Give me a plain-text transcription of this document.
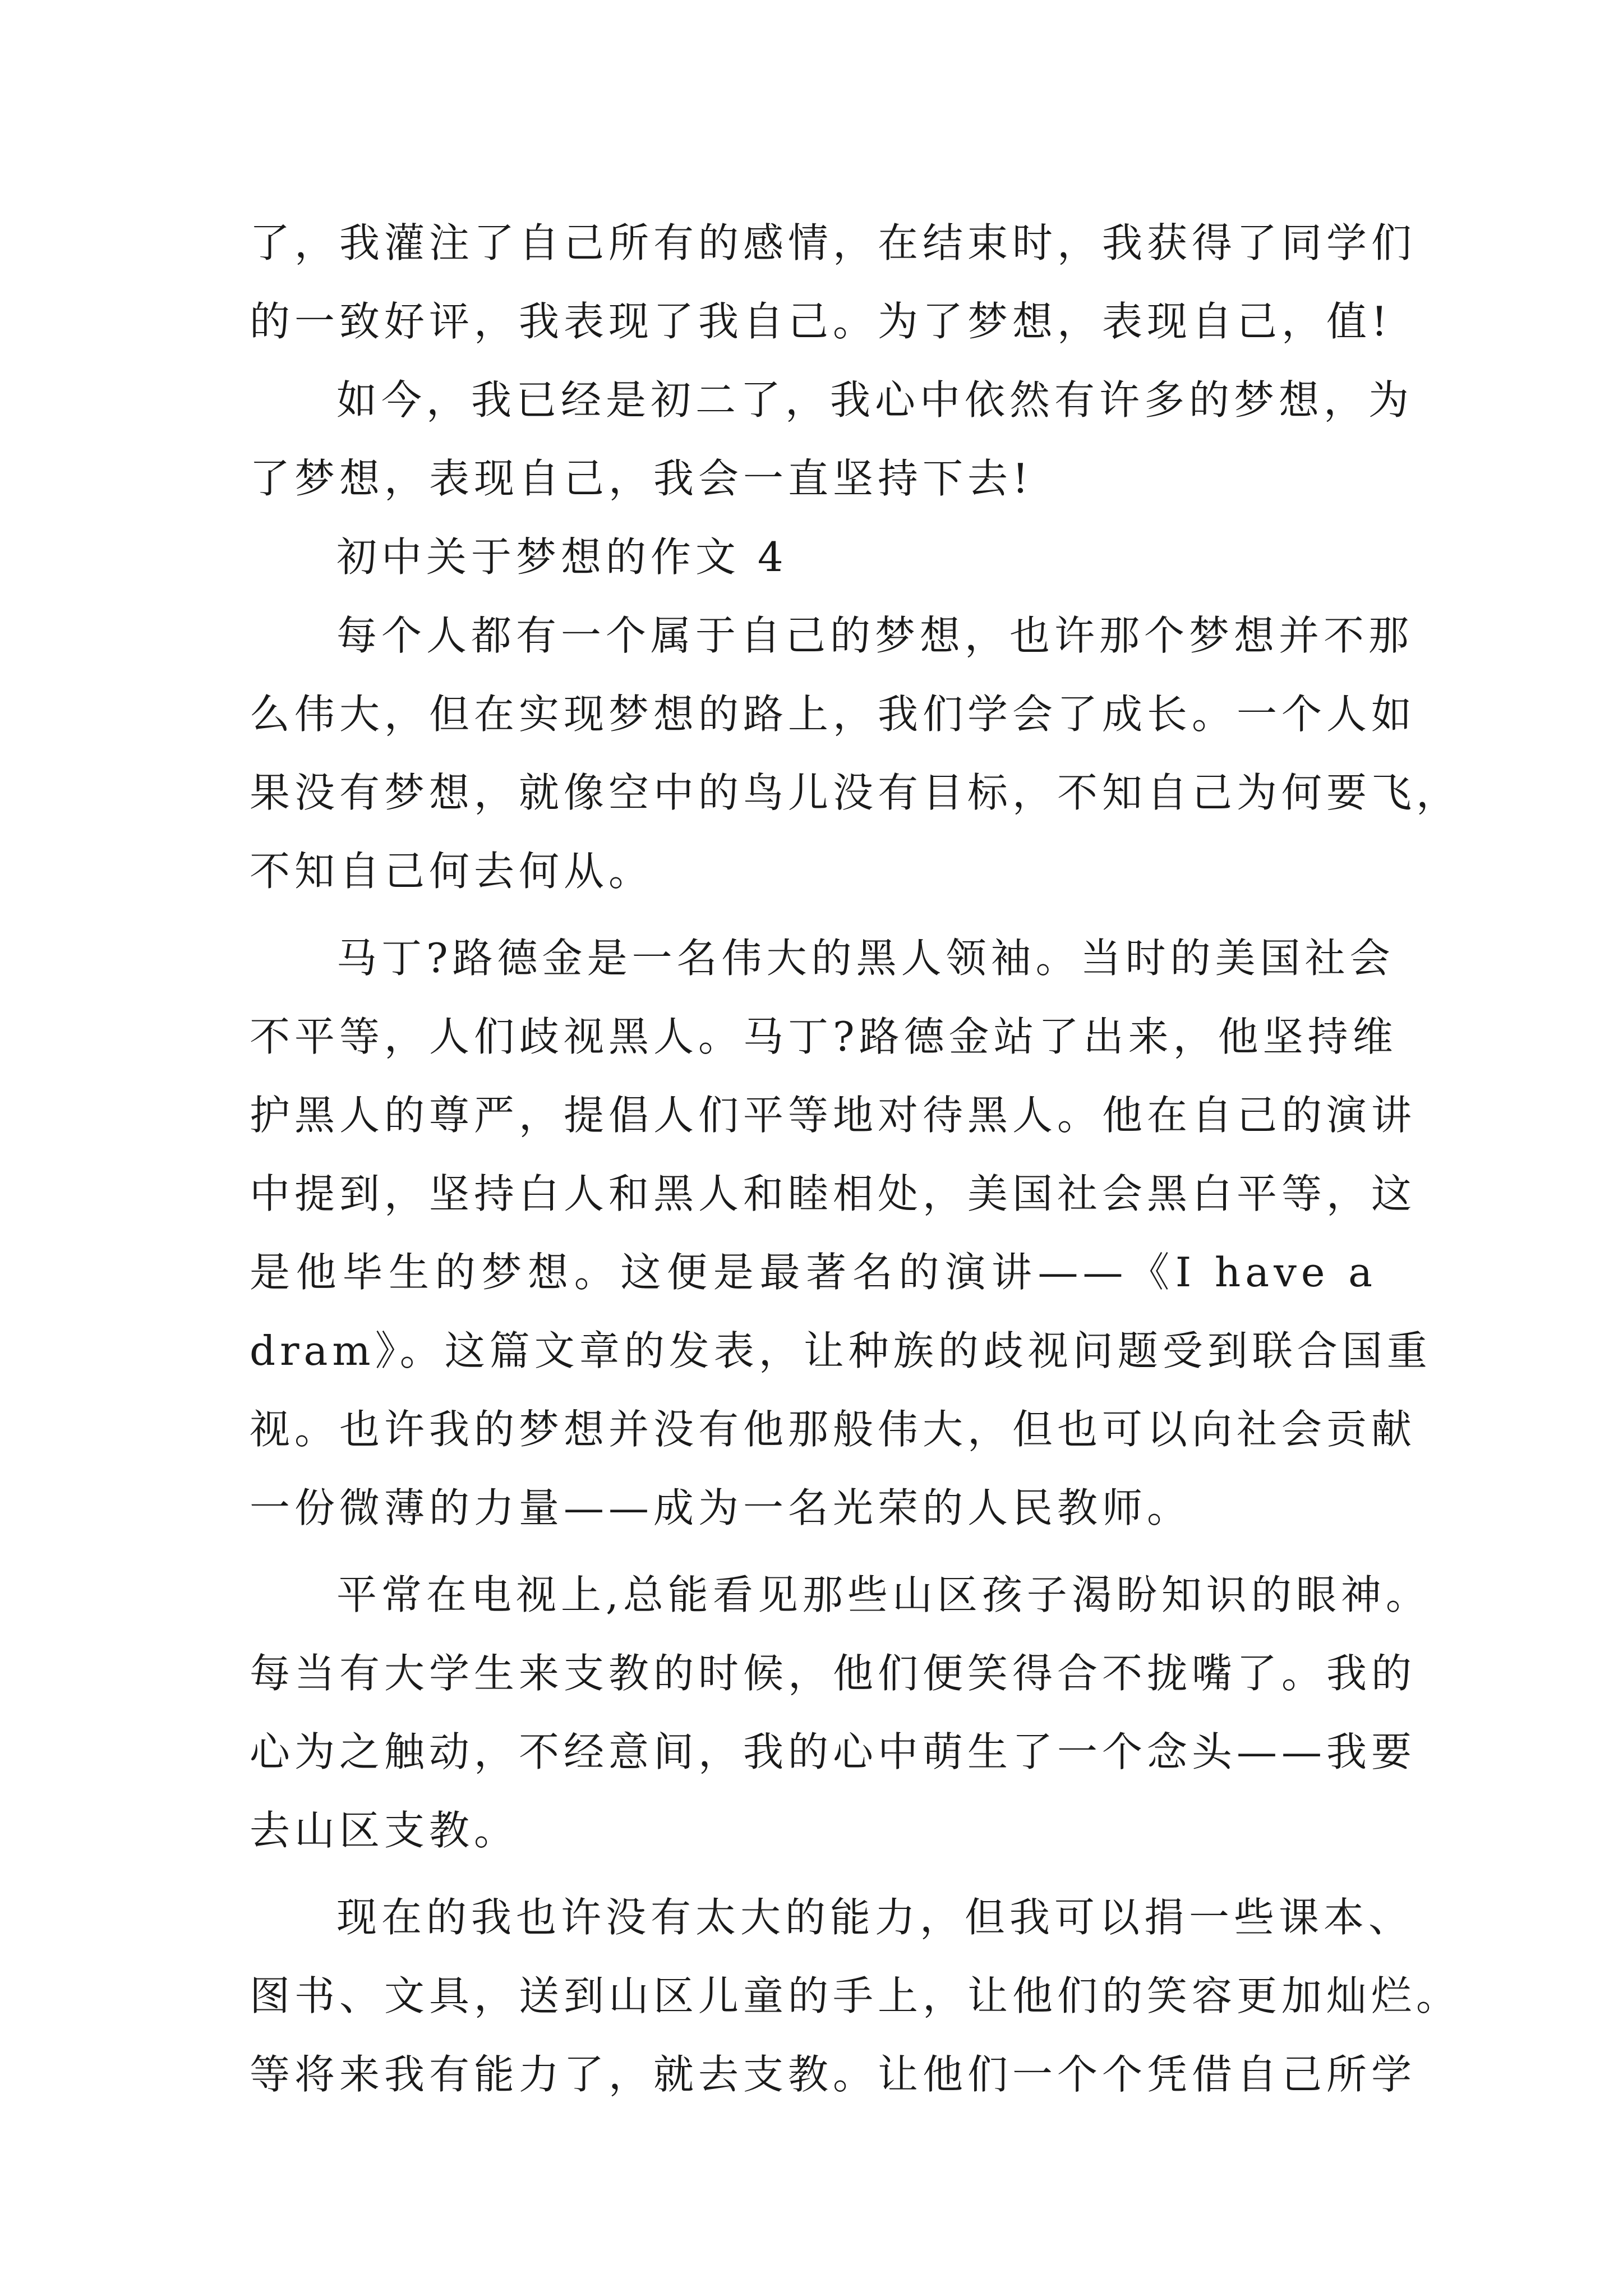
了，我灌注了自己所有的感情，在结束时，我获得了同学们
的一致好评，我表现了我自己。为了梦想，表现自己，值!
如今，我已经是初二了，我心中依然有许多的梦想，为
了梦想，表现自己，我会一直坚持下去!
初中关于梦想的作文 4
每个人都有一个属于自己的梦想，也许那个梦想并不那
么伟大，但在实现梦想的路上，我们学会了成长。一个人如
果没有梦想，就像空中的鸟儿没有目标，不知自己为何要飞，
不知自己何去何从。
马丁?路德金是一名伟大的黑人领袖。当时的美国社会
不平等，人们歧视黑人。马丁?路德金站了出来，他坚持维
护黑人的尊严，提倡人们平等地对待黑人。他在自己的演讲
中提到，坚持白人和黑人和睦相处，美国社会黑白平等，这
是他毕生的梦想。这便是最著名的演讲——《I have a
dram》。这篇文章的发表，让种族的歧视问题受到联合国重
视。也许我的梦想并没有他那般伟大，但也可以向社会贡献
一份微薄的力量——成为一名光荣的人民教师。
平常在电视上,总能看见那些山区孩子渴盼知识的眼神。
每当有大学生来支教的时候，他们便笑得合不拢嘴了。我的
心为之触动，不经意间，我的心中萌生了一个念头——我要
去山区支教。
现在的我也许没有太大的能力，但我可以捐一些课本、
图书、文具，送到山区儿童的手上，让他们的笑容更加灿烂。
等将来我有能力了，就去支教。让他们一个个凭借自己所学
